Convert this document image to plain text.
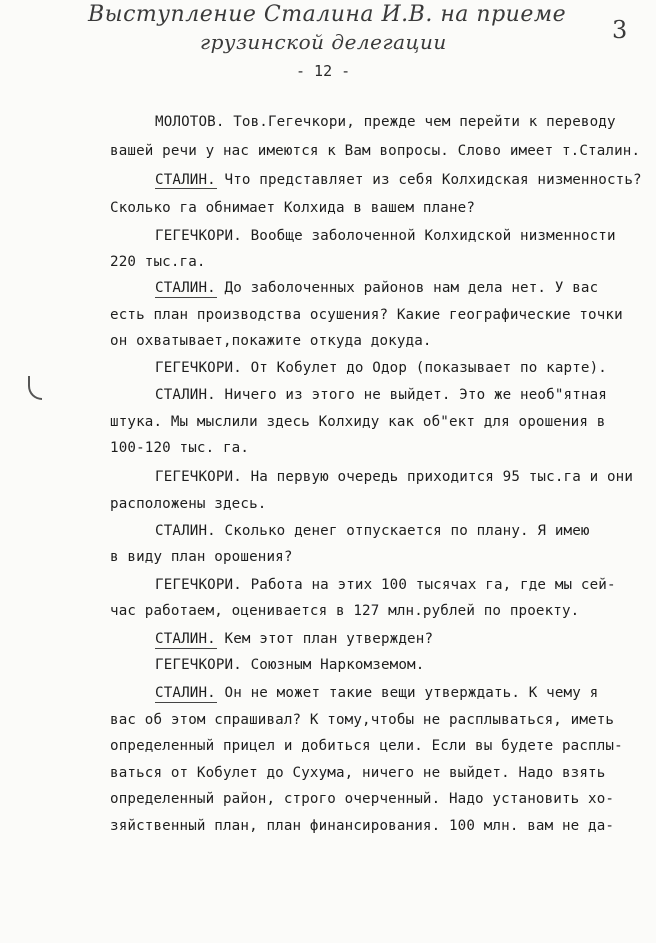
Выступление Сталина И.В. на приеме
грузинской делегации	3
- 12 -
МОЛОТОВ. Тов.Гегечкори, прежде чем перейти к переводу
вашей речи у нас имеются к Вам вопросы. Слово имеет т.Сталин.
СТАЛИН. Что представляет из себя Колхидская низменность?
Сколько га обнимает Колхида в вашем плане?
ГЕГЕЧКОРИ. Вообще заболоченной Колхидской низменности
220 тыс.га.
СТАЛИН. До заболоченных районов нам дела нет. У вас
есть план производства осушения? Какие географические точки
он охватывает,покажите откуда докуда.
ГЕГЕЧКОРИ. От Кобулет до Одор (показывает по карте).
СТАЛИН. Ничего из этого не выйдет. Это же необ"ятная
штука. Мы мыслили здесь Колхиду как об"ект для орошения в
100-120 тыс. га.
ГЕГЕЧКОРИ. На первую очередь приходится 95 тыс.га и они
расположены здесь.
СТАЛИН. Сколько денег отпускается по плану. Я имею
в виду план орошения?
ГЕГЕЧКОРИ. Работа на этих 100 тысячах га, где мы сей-
час работаем, оценивается в 127 млн.рублей по проекту.
СТАЛИН. Кем этот план утвержден?
ГЕГЕЧКОРИ. Союзным Наркомземом.
СТАЛИН. Он не может такие вещи утверждать. К чему я
вас об этом спрашивал? К тому,чтобы не расплываться, иметь
определенный прицел и добиться цели. Если вы будете расплы-
ваться от Кобулет до Сухума, ничего не выйдет. Надо взять
определенный район, строго очерченный. Надо установить хо-
зяйственный план, план финансирования. 100 млн. вам не да-
